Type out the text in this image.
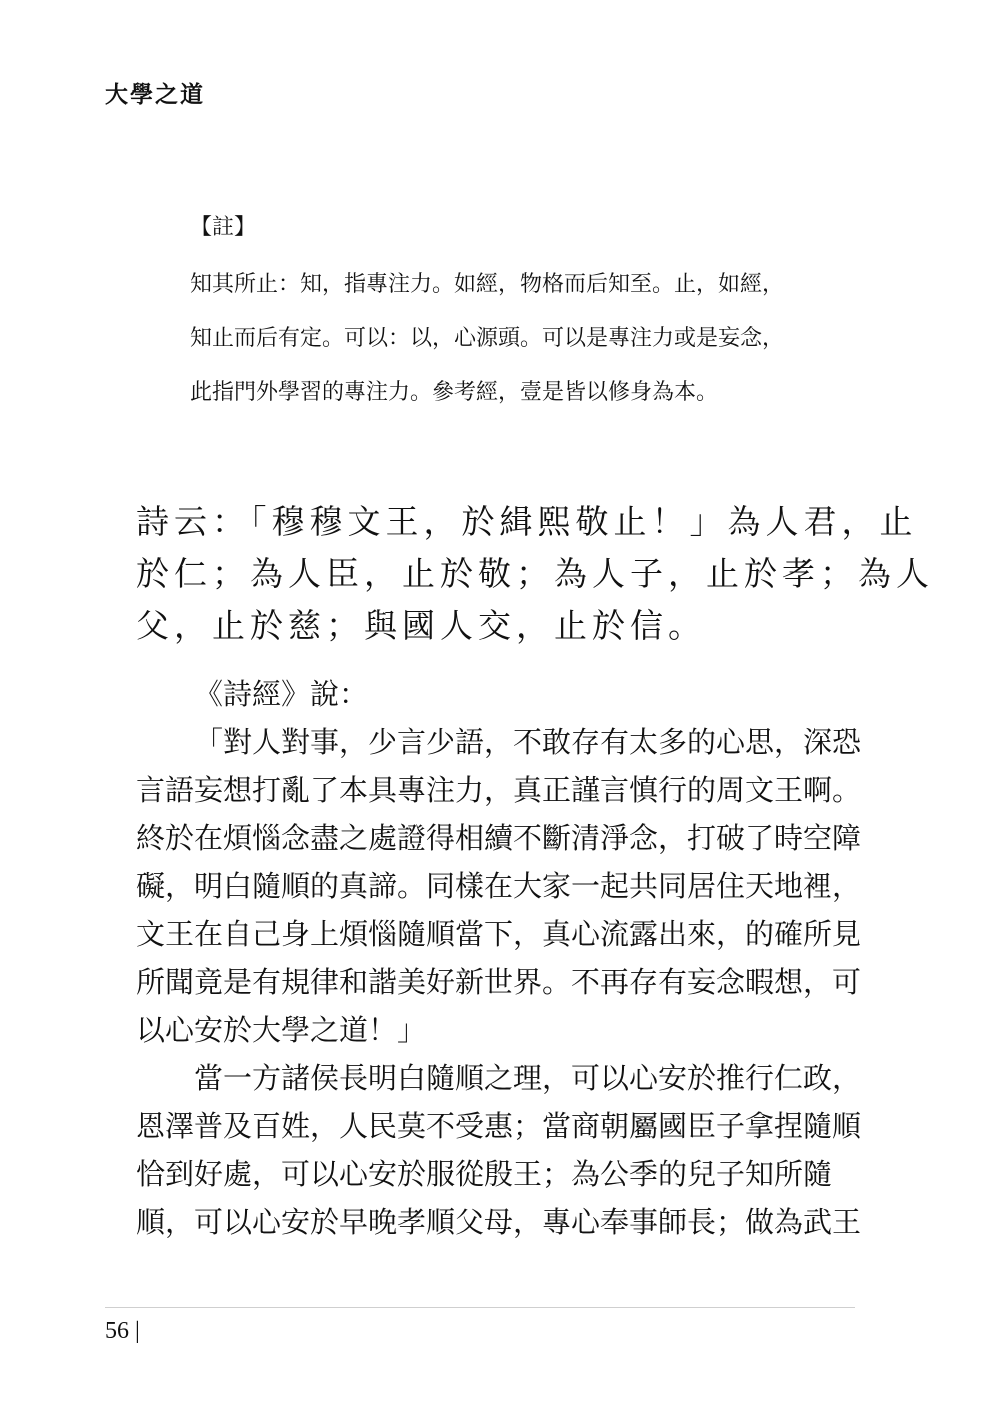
大學之道
【註】
知其所止：知，指專注力。如經，物格而后知至。止，如經，
知止而后有定。可以：以，心源頭。可以是專注力或是妄念，
此指門外學習的專注力。參考經，壹是皆以修身為本。
詩云：「穆穆文王，於緝熙敬止！」為人君，止
於仁；為人臣，止於敬；為人子，止於孝；為人
父，止於慈；與國人交，止於信。
《詩經》說：
「對人對事，少言少語，不敢存有太多的心思，深恐
言語妄想打亂了本具專注力，真正謹言慎行的周文王啊。
終於在煩惱念盡之處證得相續不斷清淨念，打破了時空障
礙，明白隨順的真諦。同樣在大家一起共同居住天地裡，
文王在自己身上煩惱隨順當下，真心流露出來，的確所見
所聞竟是有規律和諧美好新世界。不再存有妄念暇想，可
以心安於大學之道！」
當一方諸侯長明白隨順之理，可以心安於推行仁政，
恩澤普及百姓，人民莫不受惠；當商朝屬國臣子拿捏隨順
恰到好處，可以心安於服從殷王；為公季的兒子知所隨
順，可以心安於早晚孝順父母，專心奉事師長；做為武王
56 |
